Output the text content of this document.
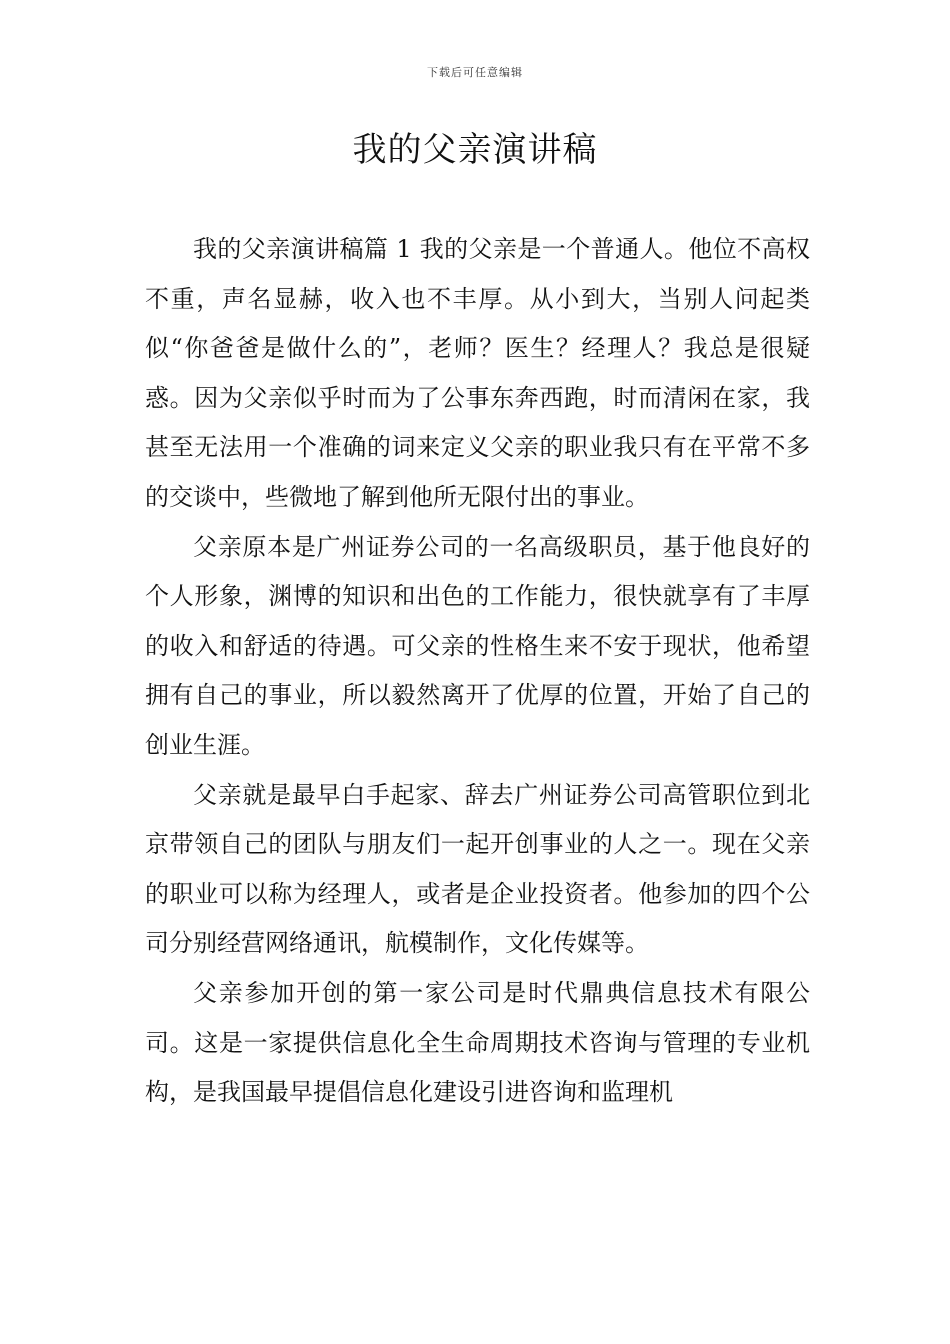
下载后可任意编辑
我的父亲演讲稿

我的父亲演讲稿篇 1 我的父亲是一个普通人。他位不高权不重，声名显赫，收入也不丰厚。从小到大，当别人问起类似“你爸爸是做什么的”，老师？医生？经理人？我总是很疑惑。因为父亲似乎时而为了公事东奔西跑，时而清闲在家，我甚至无法用一个准确的词来定义父亲的职业我只有在平常不多的交谈中，些微地了解到他所无限付出的事业。

父亲原本是广州证券公司的一名高级职员，基于他良好的个人形象，渊博的知识和出色的工作能力，很快就享有了丰厚的收入和舒适的待遇。可父亲的性格生来不安于现状，他希望拥有自己的事业，所以毅然离开了优厚的位置，开始了自己的创业生涯。

父亲就是最早白手起家、辞去广州证券公司高管职位到北京带领自己的团队与朋友们一起开创事业的人之一。现在父亲的职业可以称为经理人，或者是企业投资者。他参加的四个公司分别经营网络通讯，航模制作，文化传媒等。

父亲参加开创的第一家公司是时代鼎典信息技术有限公司。这是一家提供信息化全生命周期技术咨询与管理的专业机构，是我国最早提倡信息化建设引进咨询和监理机
